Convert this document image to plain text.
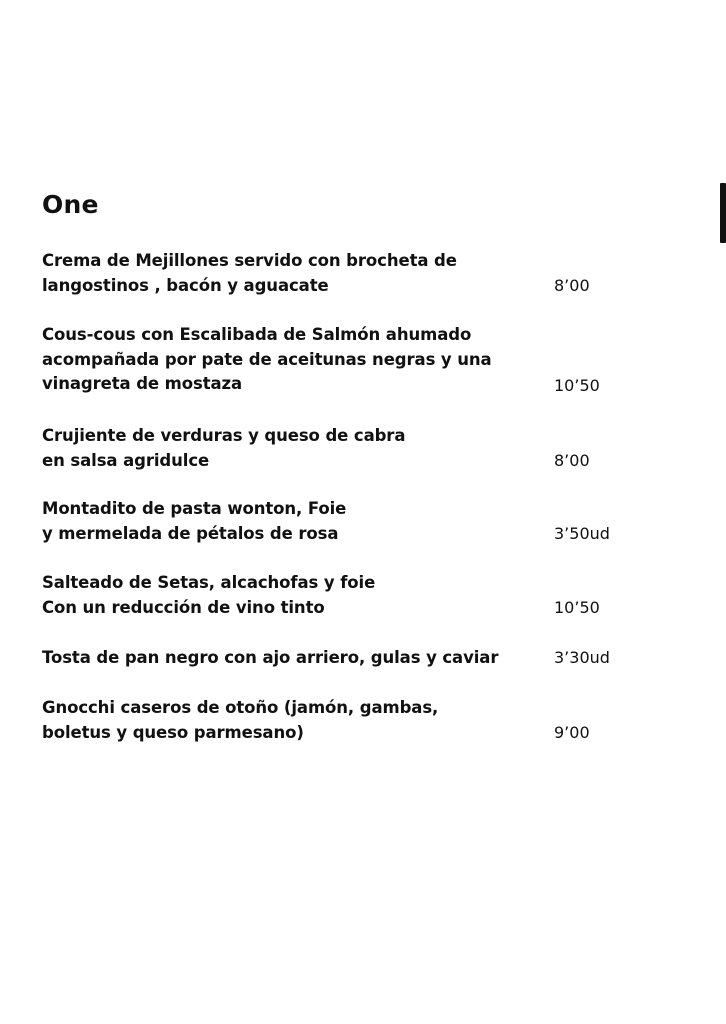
One
Crema de Mejillones servido con brocheta de
langostinos , bacón y aguacate	8’00
Cous-cous con Escalibada de Salmón ahumado
acompañada por pate de aceitunas negras y una
vinagreta de mostaza	10’50
Crujiente de verduras y queso de cabra
en salsa agridulce	8’00
Montadito de pasta wonton, Foie
y mermelada de pétalos de rosa	3’50ud
Salteado de Setas, alcachofas y foie
Con un reducción de vino tinto	10’50
Tosta de pan negro con ajo arriero, gulas y caviar	3’30ud
Gnocchi caseros de otoño (jamón, gambas,
boletus y queso parmesano)	9’00
